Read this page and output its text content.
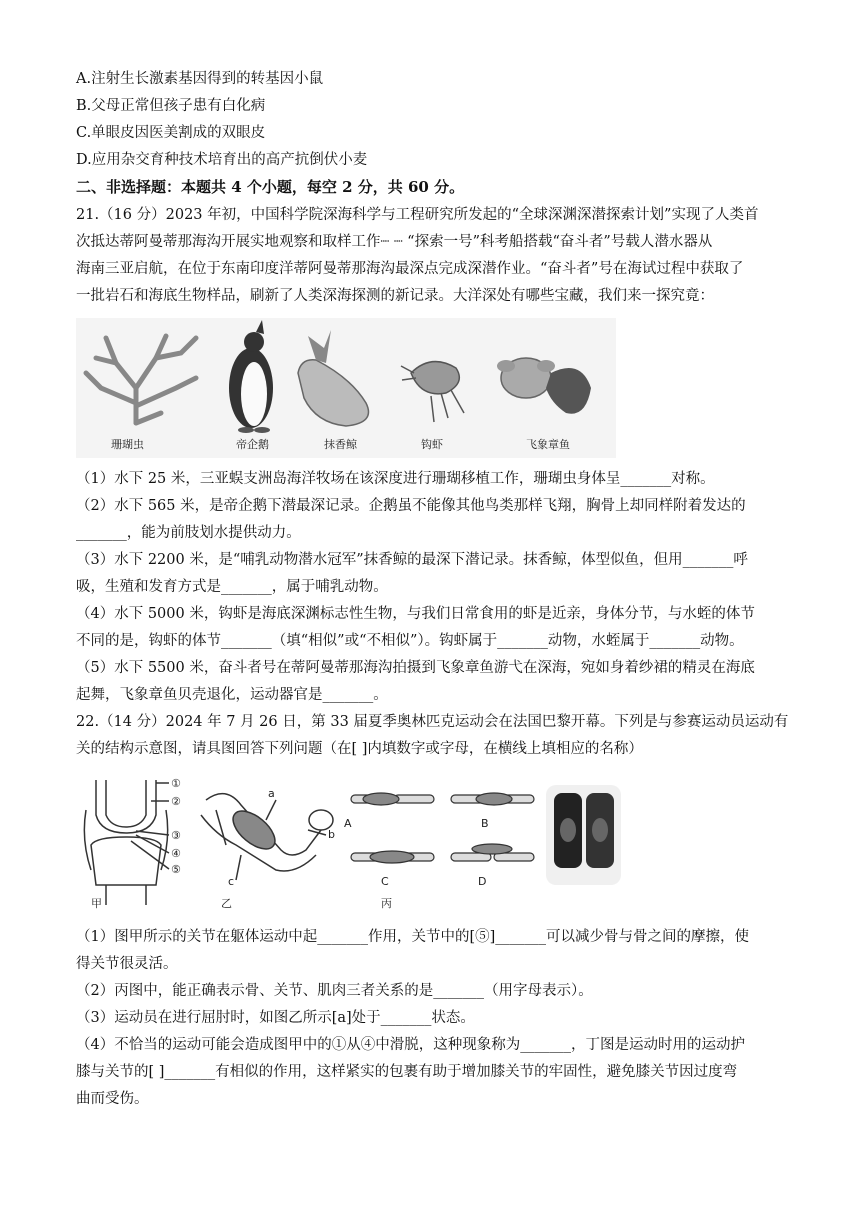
A.注射生长激素基因得到的转基因小鼠
B.父母正常但孩子患有白化病
C.单眼皮因医美割成的双眼皮
D.应用杂交育种技术培育出的高产抗倒伏小麦
二、非选择题：本题共 4 个小题，每空 2 分，共 60 分。
21.（16 分）2023 年初，中国科学院深海科学与工程研究所发起的“全球深渊深潜探索计划”实现了人类首
次抵达蒂阿曼蒂那海沟开展实地观察和取样工作┈ ┈ “探索一号”科考船搭载“奋斗者”号载人潜水器从
海南三亚启航，在位于东南印度洋蒂阿曼蒂那海沟最深点完成深潜作业。“奋斗者”号在海试过程中获取了
一批岩石和海底生物样品，刷新了人类深海探测的新记录。大洋深处有哪些宝藏，我们来一探究竟：
珊瑚虫	帝企鹅	抹香鲸	钩虾	飞象章鱼
（1）水下 25 米，三亚蜈支洲岛海洋牧场在该深度进行珊瑚移植工作，珊瑚虫身体呈_______对称。
（2）水下 565 米，是帝企鹅下潜最深记录。企鹅虽不能像其他鸟类那样飞翔，胸骨上却同样附着发达的
_______，能为前肢划水提供动力。
（3）水下 2200 米，是“哺乳动物潜水冠军”抹香鲸的最深下潜记录。抹香鲸，体型似鱼，但用_______呼
吸，生殖和发育方式是_______，属于哺乳动物。
（4）水下 5000 米，钩虾是海底深渊标志性生物，与我们日常食用的虾是近亲，身体分节，与水蛭的体节
不同的是，钩虾的体节_______（填“相似”或“不相似”）。钩虾属于_______动物，水蛭属于_______动物。
（5）水下 5500 米，奋斗者号在蒂阿曼蒂那海沟拍摄到飞象章鱼游弋在深海，宛如身着纱裙的精灵在海底
起舞，飞象章鱼贝壳退化，运动器官是_______。
22.（14 分）2024 年 7 月 26 日，第 33 届夏季奥林匹克运动会在法国巴黎开幕。下列是与参赛运动员运动有
关的结构示意图，请具图回答下列问题（在[ ]内填数字或字母，在横线上填相应的名称）
①
②
③
④
⑤
甲
a
b
c
乙
A	B
C	D
丙
（1）图甲所示的关节在躯体运动中起_______作用，关节中的[⑤]_______可以减少骨与骨之间的摩擦，使
得关节很灵活。
（2）丙图中，能正确表示骨、关节、肌肉三者关系的是_______（用字母表示）。
（3）运动员在进行屈肘时，如图乙所示[a]处于_______状态。
（4）不恰当的运动可能会造成图甲中的①从④中滑脱，这种现象称为_______，丁图是运动时用的运动护
膝与关节的[ ]_______有相似的作用，这样紧实的包裹有助于增加膝关节的牢固性，避免膝关节因过度弯
曲而受伤。
